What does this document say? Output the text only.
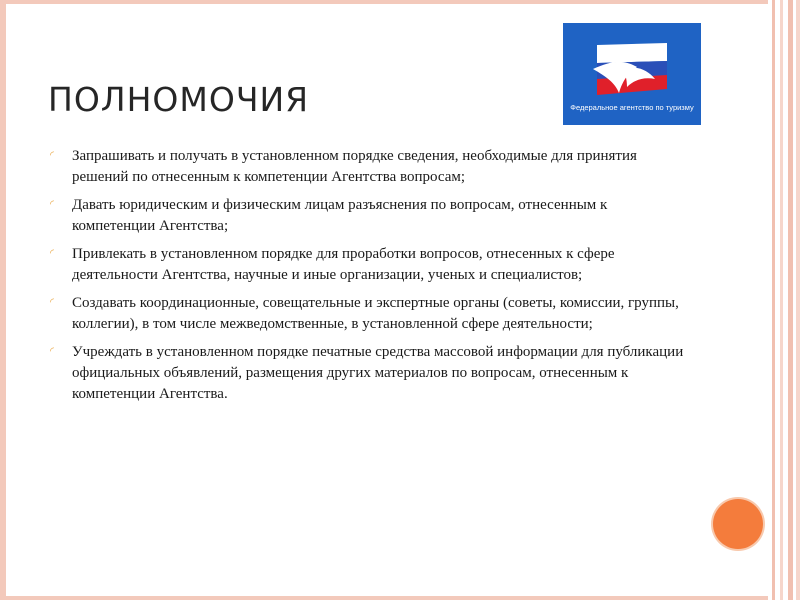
ПОЛНОМОЧИЯ	Федеральное агентство по туризму
◜ Запрашивать и получать в установленном порядке сведения, необходимые для принятия решений по отнесенным к компетенции Агентства вопросам;
◜ Давать юридическим и физическим лицам разъяснения по вопросам, отнесенным к компетенции Агентства;
◜ Привлекать в установленном порядке для проработки вопросов, отнесенных к сфере деятельности Агентства, научные и иные организации, ученых и специалистов;
◜ Создавать координационные, совещательные и экспертные органы (советы, комиссии, группы, коллегии), в том числе межведомственные, в установленной сфере деятельности;
◜ Учреждать в установленном порядке печатные средства массовой информации для публикации официальных объявлений, размещения других материалов по вопросам, отнесенным к компетенции Агентства.
